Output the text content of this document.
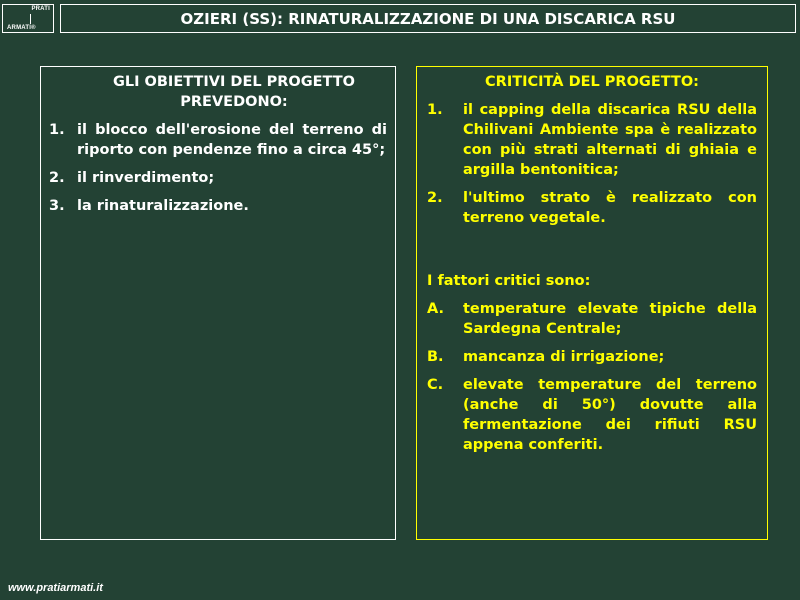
PRATI
ARMATI®
OZIERI (SS): RINATURALIZZAZIONE DI UNA DISCARICA RSU
GLI OBIETTIVI DEL PROGETTO PREVEDONO:
1. il blocco dell'erosione del terreno di riporto con pendenze fino a circa 45°;
2. il rinverdimento;
3. la rinaturalizzazione.
CRITICITÀ DEL PROGETTO:
1.	il capping della discarica RSU della Chilivani Ambiente spa è realizzato con più strati alternati di ghiaia e argilla bentonitica;
2.	l'ultimo strato è realizzato con terreno vegetale.
I fattori critici sono:
A.	temperature elevate tipiche della Sardegna Centrale;
B.	mancanza di irrigazione;
C.	elevate temperature del terreno (anche di 50°) dovutte alla fermentazione dei rifiuti RSU appena conferiti.
www.pratiarmati.it
